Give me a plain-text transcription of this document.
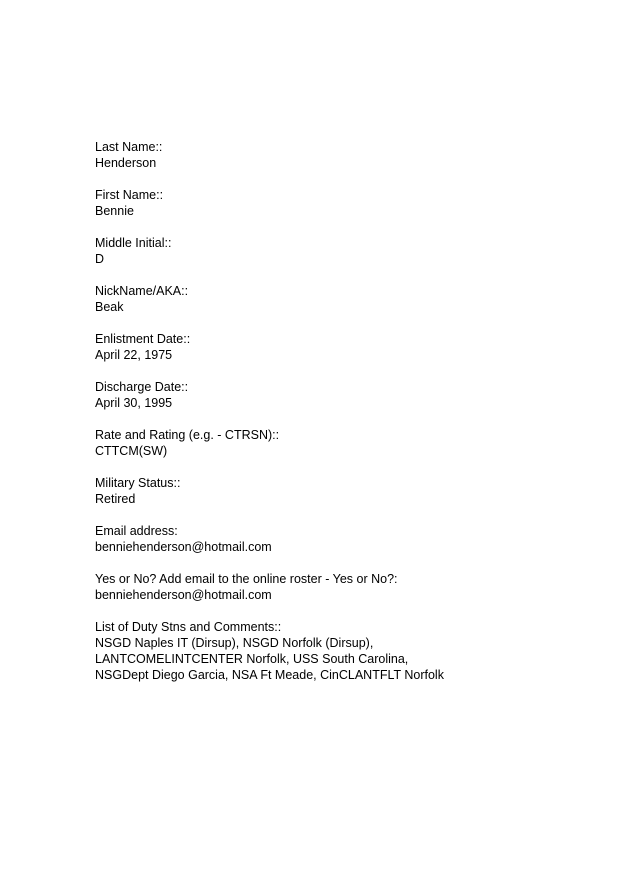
Last Name::
Henderson
First Name::
Bennie
Middle Initial::
D
NickName/AKA::
Beak
Enlistment Date::
April 22, 1975
Discharge Date::
April 30, 1995
Rate and Rating (e.g. - CTRSN)::
CTTCM(SW)
Military Status::
Retired
Email address:
benniehenderson@hotmail.com
Yes or No? Add email to the online roster - Yes or No?:
benniehenderson@hotmail.com
List of Duty Stns and Comments::
NSGD Naples IT (Dirsup), NSGD Norfolk (Dirsup),
LANTCOMELINTCENTER Norfolk, USS South Carolina,
NSGDept Diego Garcia, NSA Ft Meade, CinCLANTFLT Norfolk
